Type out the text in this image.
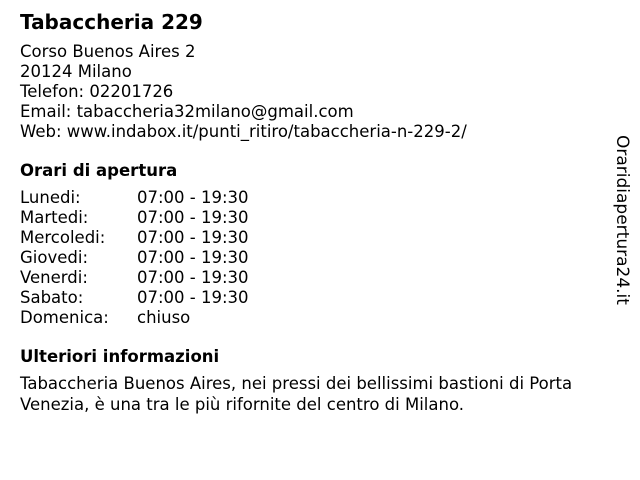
Tabaccheria 229
Corso Buenos Aires 2
20124 Milano
Telefon: 02201726
Email: tabaccheria32milano@gmail.com
Web: www.indabox.it/punti_ritiro/tabaccheria-n-229-2/
Orari di apertura
Lunedi:	07:00 - 19:30
Martedi:	07:00 - 19:30
Mercoledi:	07:00 - 19:30
Giovedi:	07:00 - 19:30
Venerdi:	07:00 - 19:30
Sabato:	07:00 - 19:30
Domenica:	chiuso
Ulteriori informazioni
Tabaccheria Buenos Aires, nei pressi dei bellissimi bastioni di Porta Venezia, è una tra le più rifornite del centro di Milano.
Oraridiapertura24.it
